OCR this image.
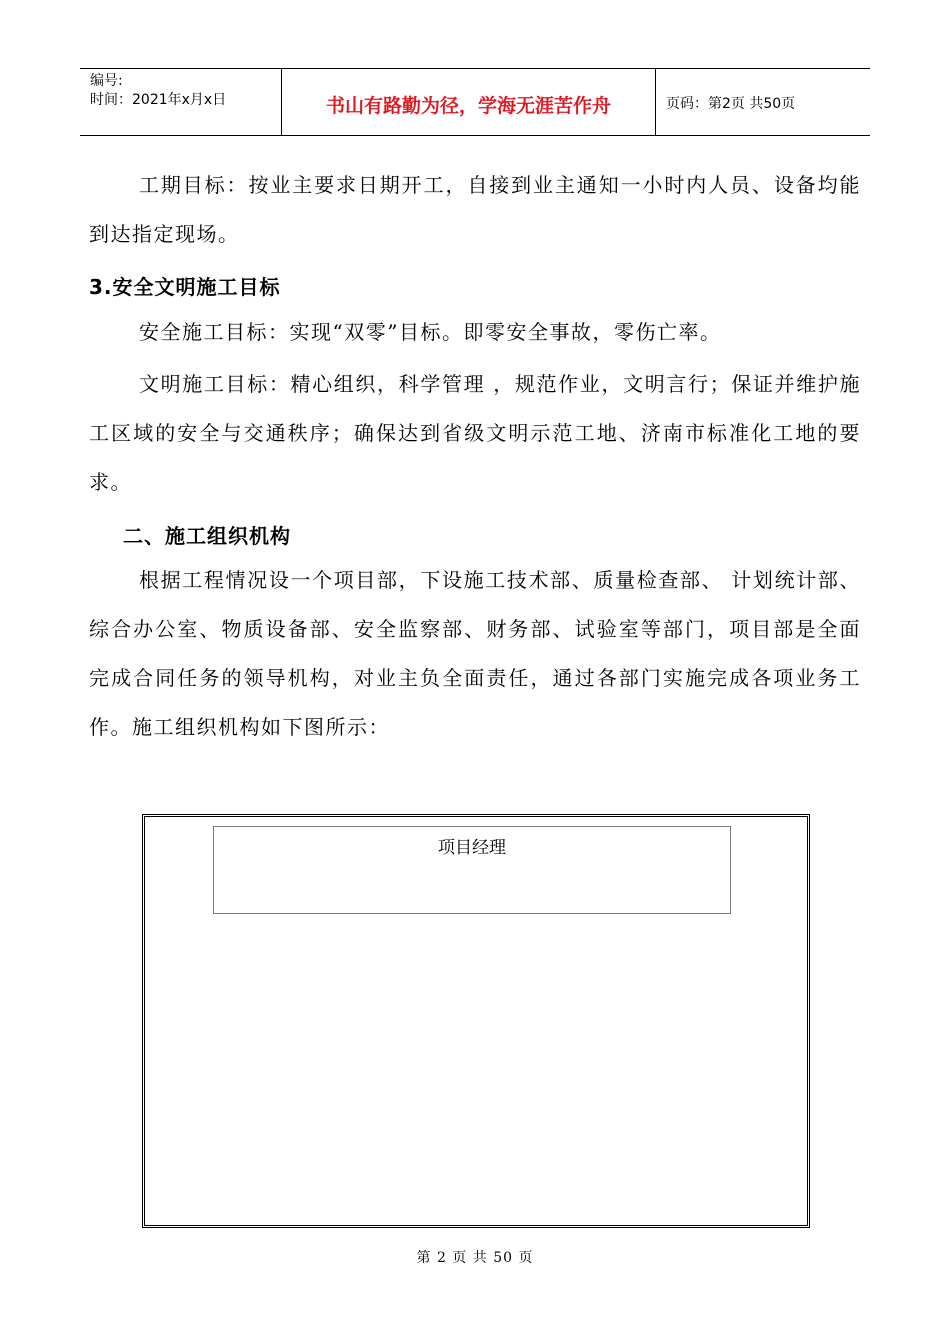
编号:
时间：2021年x月x日	书山有路勤为径，学海无涯苦作舟	页码：第2页 共50页

工期目标：按业主要求日期开工，自接到业主通知一小时内人员、设备均能到达指定现场。

3.安全文明施工目标

安全施工目标：实现“双零”目标。即零安全事故，零伤亡率。

文明施工目标：精心组织，科学管理 ，规范作业，文明言行；保证并维护施工区域的安全与交通秩序；确保达到省级文明示范工地、济南市标准化工地的要求。

二、施工组织机构

根据工程情况设一个项目部，下设施工技术部、质量检查部、 计划统计部、综合办公室、物质设备部、安全监察部、财务部、试验室等部门，项目部是全面完成合同任务的领导机构，对业主负全面责任，通过各部门实施完成各项业务工作。施工组织机构如下图所示：

项目经理
第 2 页 共 50 页
